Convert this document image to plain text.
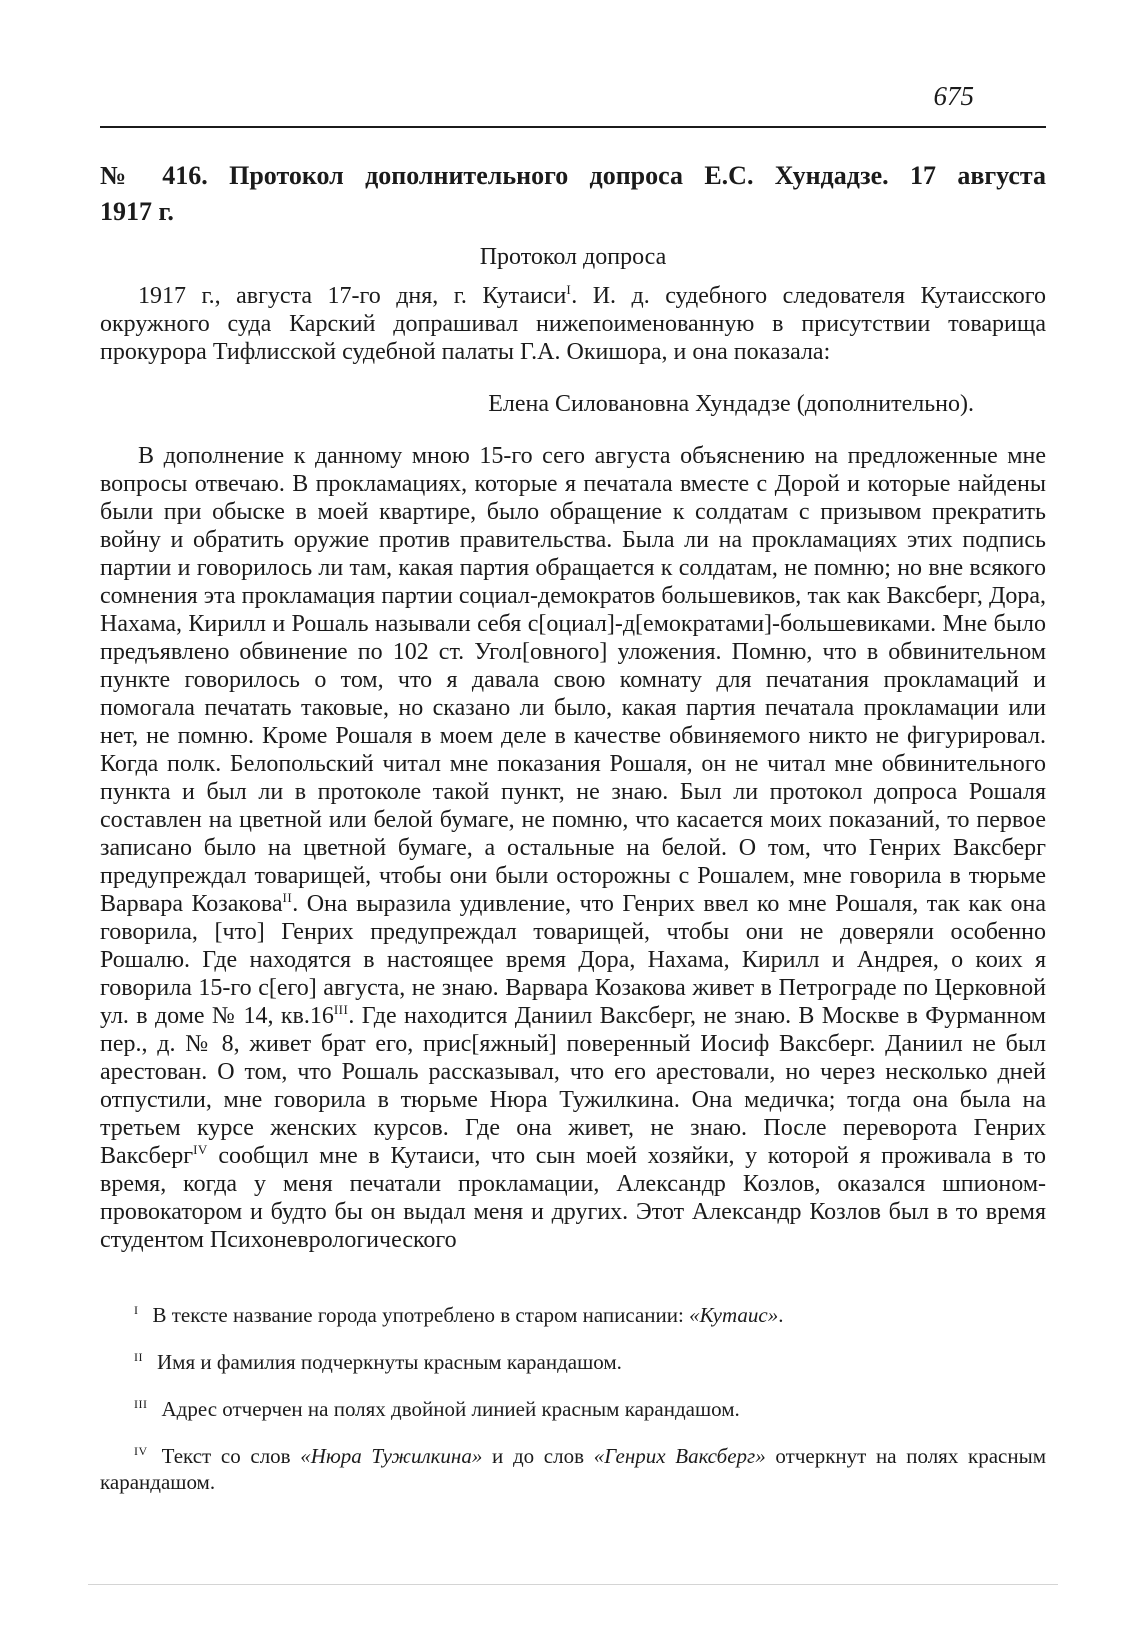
675
№ 416. Протокол дополнительного допроса Е.С. Хундадзе. 17 августа
1917 г.
Протокол допроса

1917 г., августа 17-го дня, г. Кутаиси$^I$. И. д. судебного следователя Кутаисского окружного суда Карский допрашивал нижепоименованную в присутствии товарища прокурора Тифлисской судебной палаты Г.А. Окишора, и она показала:

Елена Силовановна Хундадзе (дополнительно).

В дополнение к данному мною 15-го сего августа объяснению на предложенные мне вопросы отвечаю. В прокламациях, которые я печатала вместе с Дорой и которые найдены были при обыске в моей квартире, было обращение к солдатам с призывом прекратить войну и обратить оружие против правительства. Была ли на прокламациях этих подпись партии и говорилось ли там, какая партия обращается к солдатам, не помню; но вне всякого сомнения эта прокламация партии социал-демократов большевиков, так как Ваксберг, Дора, Нахама, Кирилл и Рошаль называли себя с[оциал]-д[емократами]-большевиками. Мне было предъявлено обвинение по 102 ст. Угол[овного] уложения. Помню, что в обвинительном пункте говорилось о том, что я давала свою комнату для печатания прокламаций и помогала печатать таковые, но сказано ли было, какая партия печатала прокламации или нет, не помню. Кроме Рошаля в моем деле в качестве обвиняемого никто не фигурировал. Когда полк. Белопольский читал мне показания Рошаля, он не читал мне обвинительного пункта и был ли в протоколе такой пункт, не знаю. Был ли протокол допроса Рошаля составлен на цветной или белой бумаге, не помню, что касается моих показаний, то первое записано было на цветной бумаге, а остальные на белой. О том, что Генрих Ваксберг предупреждал товарищей, чтобы они были осторожны с Рошалем, мне говорила в тюрьме Варвара Козакова$^{II}$. Она выразила удивление, что Генрих ввел ко мне Рошаля, так как она говорила, [что] Генрих предупреждал товарищей, чтобы они не доверяли особенно Рошалю. Где находятся в настоящее время Дора, Нахама, Кирилл и Андрея, о коих я говорила 15-го с[его] августа, не знаю. Варвара Козакова живет в Петрограде по Церковной ул. в доме № 14, кв.16$^{III}$. Где находится Даниил Ваксберг, не знаю. В Москве в Фурманном пер., д. № 8, живет брат его, прис[яжный] поверенный Иосиф Ваксберг. Даниил не был арестован. О том, что Рошаль рассказывал, что его арестовали, но через несколько дней отпустили, мне говорила в тюрьме Нюра Тужилкина. Она медичка; тогда она была на третьем курсе женских курсов. Где она живет, не знаю. После переворота Генрих Ваксберг$^{IV}$ сообщил мне в Кутаиси, что сын моей хозяйки, у которой я проживала в то время, когда у меня печатали прокламации, Александр Козлов, оказался шпионом-провокатором и будто бы он выдал меня и других. Этот Александр Козлов был в то время студентом Психоневрологического

$^I$ В тексте название города употреблено в старом написании: «Кутаис».

$^{II}$ Имя и фамилия подчеркнуты красным карандашом.

$^{III}$ Адрес отчерчен на полях двойной линией красным карандашом.

$^{IV}$ Текст со слов «Нюра Тужилкина» и до слов «Генрих Ваксберг» отчеркнут на полях красным карандашом.
